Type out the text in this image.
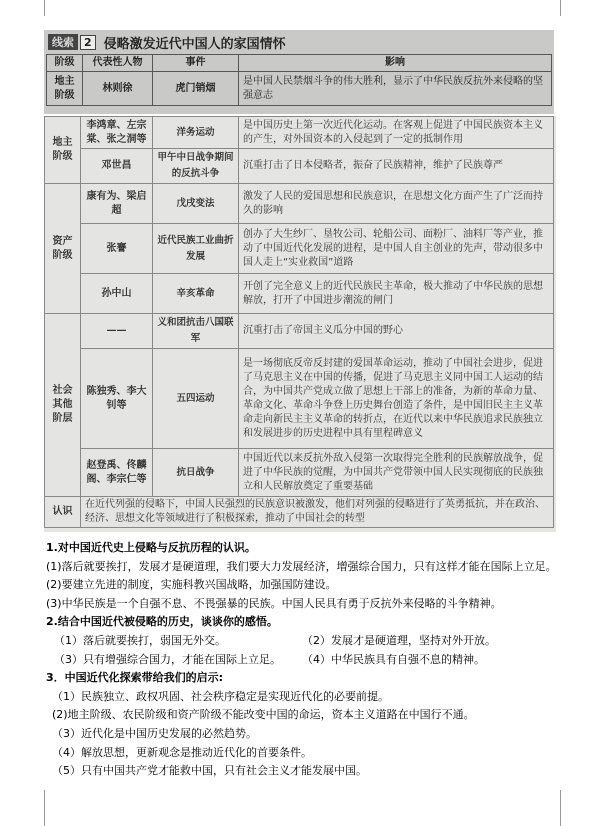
线索 2 侵略激发近代中国人的家国情怀
阶级	代表性人物	事件	影响
地主阶级	林则徐	虎门销烟	是中国人民禁烟斗争的伟大胜利，显示了中华民族反抗外来侵略的坚强意志
地主阶级	李鸿章、左宗棠、张之洞等	洋务运动	是中国历史上第一次近代化运动。在客观上促进了中国民族资本主义的产生，对外国资本的入侵起到了一定的抵制作用
	邓世昌	甲午中日战争期间的反抗斗争	沉重打击了日本侵略者，振奋了民族精神，维护了民族尊严
资产阶级	康有为、梁启超	戊戌变法	激发了人民的爱国思想和民族意识，在思想文化方面产生了广泛而持久的影响
	张謇	近代民族工业曲折发展	创办了大生纱厂、垦牧公司、轮船公司、面粉厂、油料厂等产业，推动了中国近代化发展的进程，是中国人自主创业的先声，带动很多中国人走上“实业救国”道路
	孙中山	辛亥革命	开创了完全意义上的近代民族民主革命，极大推动了中华民族的思想解放，打开了中国进步潮流的闸门
社会其他阶层	——	义和团抗击八国联军	沉重打击了帝国主义瓜分中国的野心
	陈独秀、李大钊等	五四运动	是一场彻底反帝反封建的爱国革命运动，推动了中国社会进步，促进了马克思主义在中国的传播，促进了马克思主义同中国工人运动的结合，为中国共产党成立做了思想上干部上的准备，为新的革命力量、革命文化、革命斗争登上历史舞台创造了条件，是中国旧民主主义革命走向新民主主义革命的转折点，在近代以来中华民族追求民族独立和发展进步的历史进程中具有里程碑意义
	赵登禹、佟麟阁、李宗仁等	抗日战争	中国近代以来反抗外敌入侵第一次取得完全胜利的民族解放战争，促进了中华民族的觉醒，为中国共产党带领中国人民实现彻底的民族独立和人民解放奠定了重要基础
认识	在近代列强的侵略下，中国人民强烈的民族意识被激发，他们对列强的侵略进行了英勇抵抗，并在政治、经济、思想文化等领域进行了积极探索，推动了中国社会的转型		
1.对中国近代史上侵略与反抗历程的认识。
(1)落后就要挨打，发展才是硬道理，我们要大力发展经济，增强综合国力，只有这样才能在国际上立足。
(2)要建立先进的制度，实施科教兴国战略，加强国防建设。
(3)中华民族是一个自强不息、不畏强暴的民族。中国人民具有勇于反抗外来侵略的斗争精神。
2.结合中国近代被侵略的历史，谈谈你的感悟。
（1）落后就要挨打，弱国无外交。	（2）发展才是硬道理，坚持对外开放。
（3）只有增强综合国力，才能在国际上立足。	（4）中华民族具有自强不息的精神。
3．中国近代化探索带给我们的启示:
（1）民族独立、政权巩固、社会秩序稳定是实现近代化的必要前提。
(2)地主阶级、农民阶级和资产阶级不能改变中国的命运，资本主义道路在中国行不通。
（3）近代化是中国历史发展的必然趋势。
（4）解放思想，更新观念是推动近代化的首要条件。
（5）只有中国共产党才能救中国，只有社会主义才能发展中国。
